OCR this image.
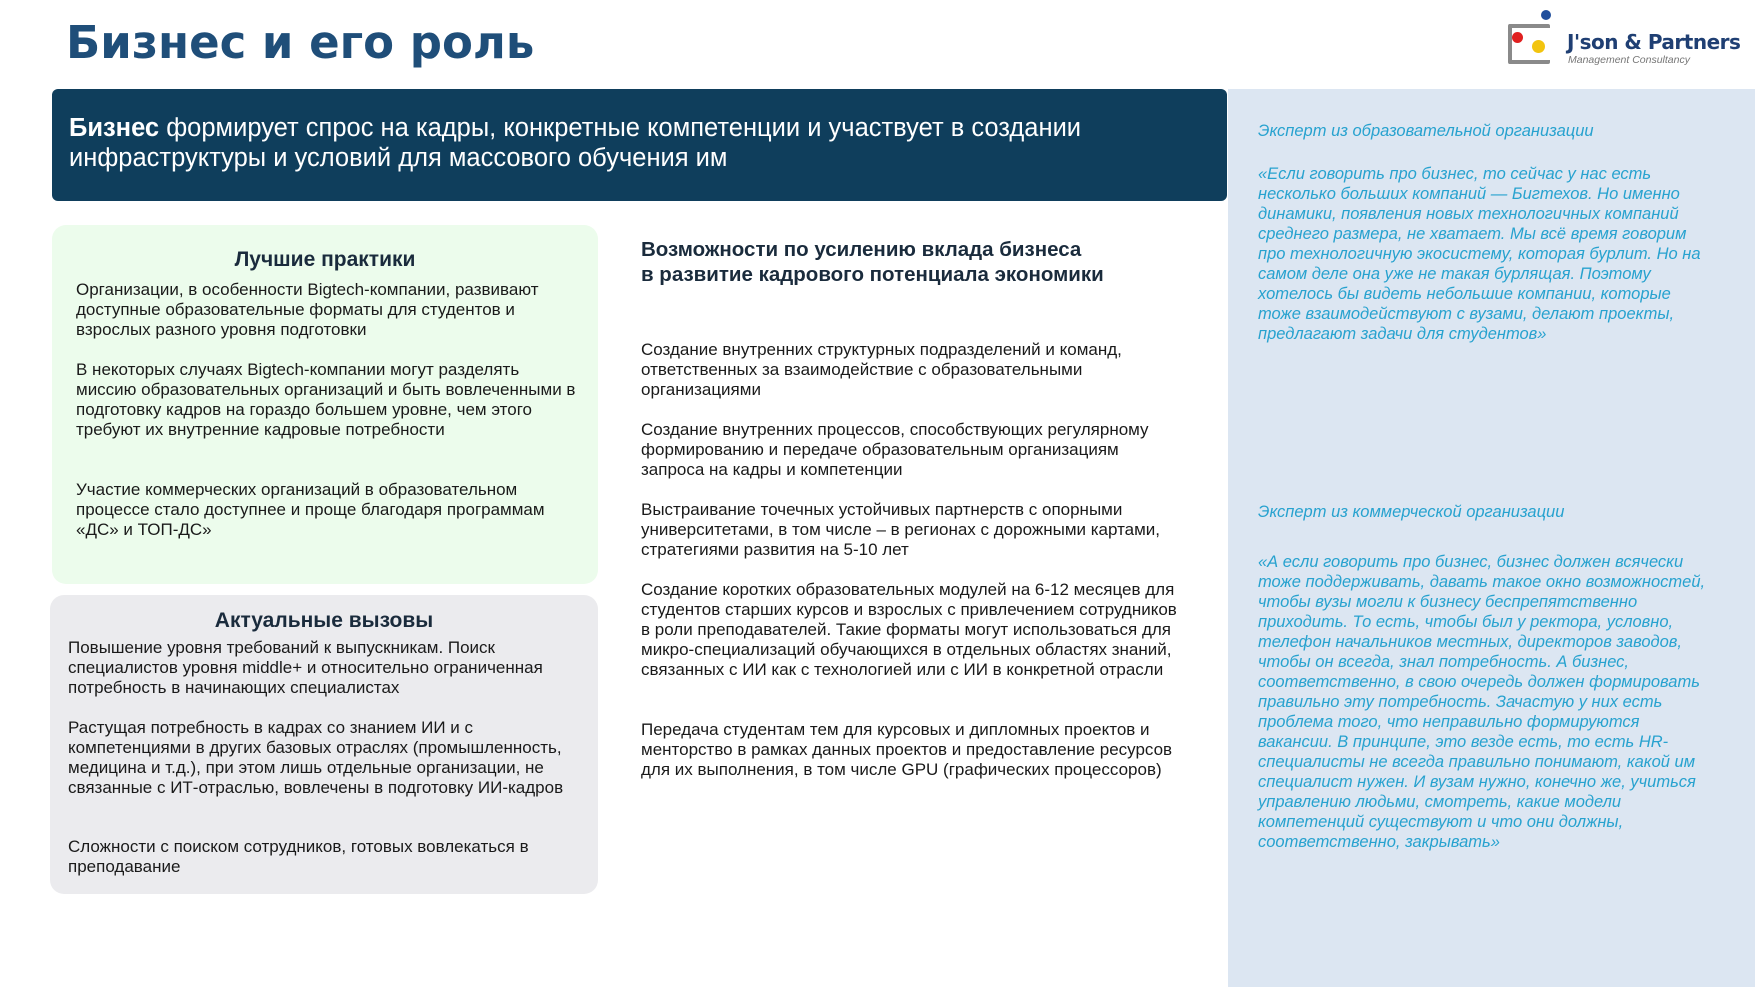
Бизнес и его роль	J'son & Partners
Management Consultancy

Бизнес формирует спрос на кадры, конкретные компетенции и участвует в создании инфраструктуры и условий для массового обучения им

Лучшие практики

Организации, в особенности Bigtech-компании, развивают доступные образовательные форматы для студентов и взрослых разного уровня подготовки

В некоторых случаях Bigtech-компании могут разделять миссию образовательных организаций и быть вовлеченными в подготовку кадров на гораздо большем уровне, чем этого требуют их внутренние кадровые потребности

Участие коммерческих организаций в образовательном процессе стало доступнее и проще благодаря программам «ДС» и ТОП-ДС»

Актуальные вызовы

Повышение уровня требований к выпускникам. Поиск специалистов уровня middle+ и относительно ограниченная потребность в начинающих специалистах

Растущая потребность в кадрах со знанием ИИ и с компетенциями в других базовых отраслях (промышленность, медицина и т.д.), при этом лишь отдельные организации, не связанные с ИТ-отраслью, вовлечены в подготовку ИИ-кадров

Сложности с поиском сотрудников, готовых вовлекаться в преподавание

Возможности по усилению вклада бизнеса
в развитие кадрового потенциала экономики

Создание внутренних структурных подразделений и команд, ответственных за взаимодействие с образовательными организациями

Создание внутренних процессов, способствующих регулярному формированию и передаче образовательным организациям запроса на кадры и компетенции

Выстраивание точечных устойчивых партнерств с опорными университетами, в том числе – в регионах с дорожными картами, стратегиями развития на 5-10 лет

Создание коротких образовательных модулей на 6-12 месяцев для студентов старших курсов и взрослых с привлечением сотрудников в роли преподавателей. Такие форматы могут использоваться для микро-специализаций обучающихся в отдельных областях знаний, связанных с ИИ как с технологией или с ИИ в конкретной отрасли

Передача студентам тем для курсовых и дипломных проектов и менторство в рамках данных проектов и предоставление ресурсов для их выполнения, в том числе GPU (графических процессоров)

Эксперт из образовательной организации

«Если говорить про бизнес, то сейчас у нас есть несколько больших компаний — Бигтехов. Но именно динамики, появления новых технологичных компаний среднего размера, не хватает. Мы всё время говорим про технологичную экосистему, которая бурлит. Но на самом деле она уже не такая бурлящая. Поэтому хотелось бы видеть небольшие компании, которые тоже взаимодействуют с вузами, делают проекты, предлагают задачи для студентов»

Эксперт из коммерческой организации

«А если говорить про бизнес, бизнес должен всячески тоже поддерживать, давать такое окно возможностей, чтобы вузы могли к бизнесу беспрепятственно приходить. То есть, чтобы был у ректора, условно, телефон начальников местных, директоров заводов, чтобы он всегда, знал потребность. А бизнес, соответственно, в свою очередь должен формировать правильно эту потребность. Зачастую у них есть проблема того, что неправильно формируются вакансии. В принципе, это везде есть, то есть HR-специалисты не всегда правильно понимают, какой им специалист нужен. И вузам нужно, конечно же, учиться управлению людьми, смотреть, какие модели компетенций существуют и что они должны, соответственно, закрывать»
